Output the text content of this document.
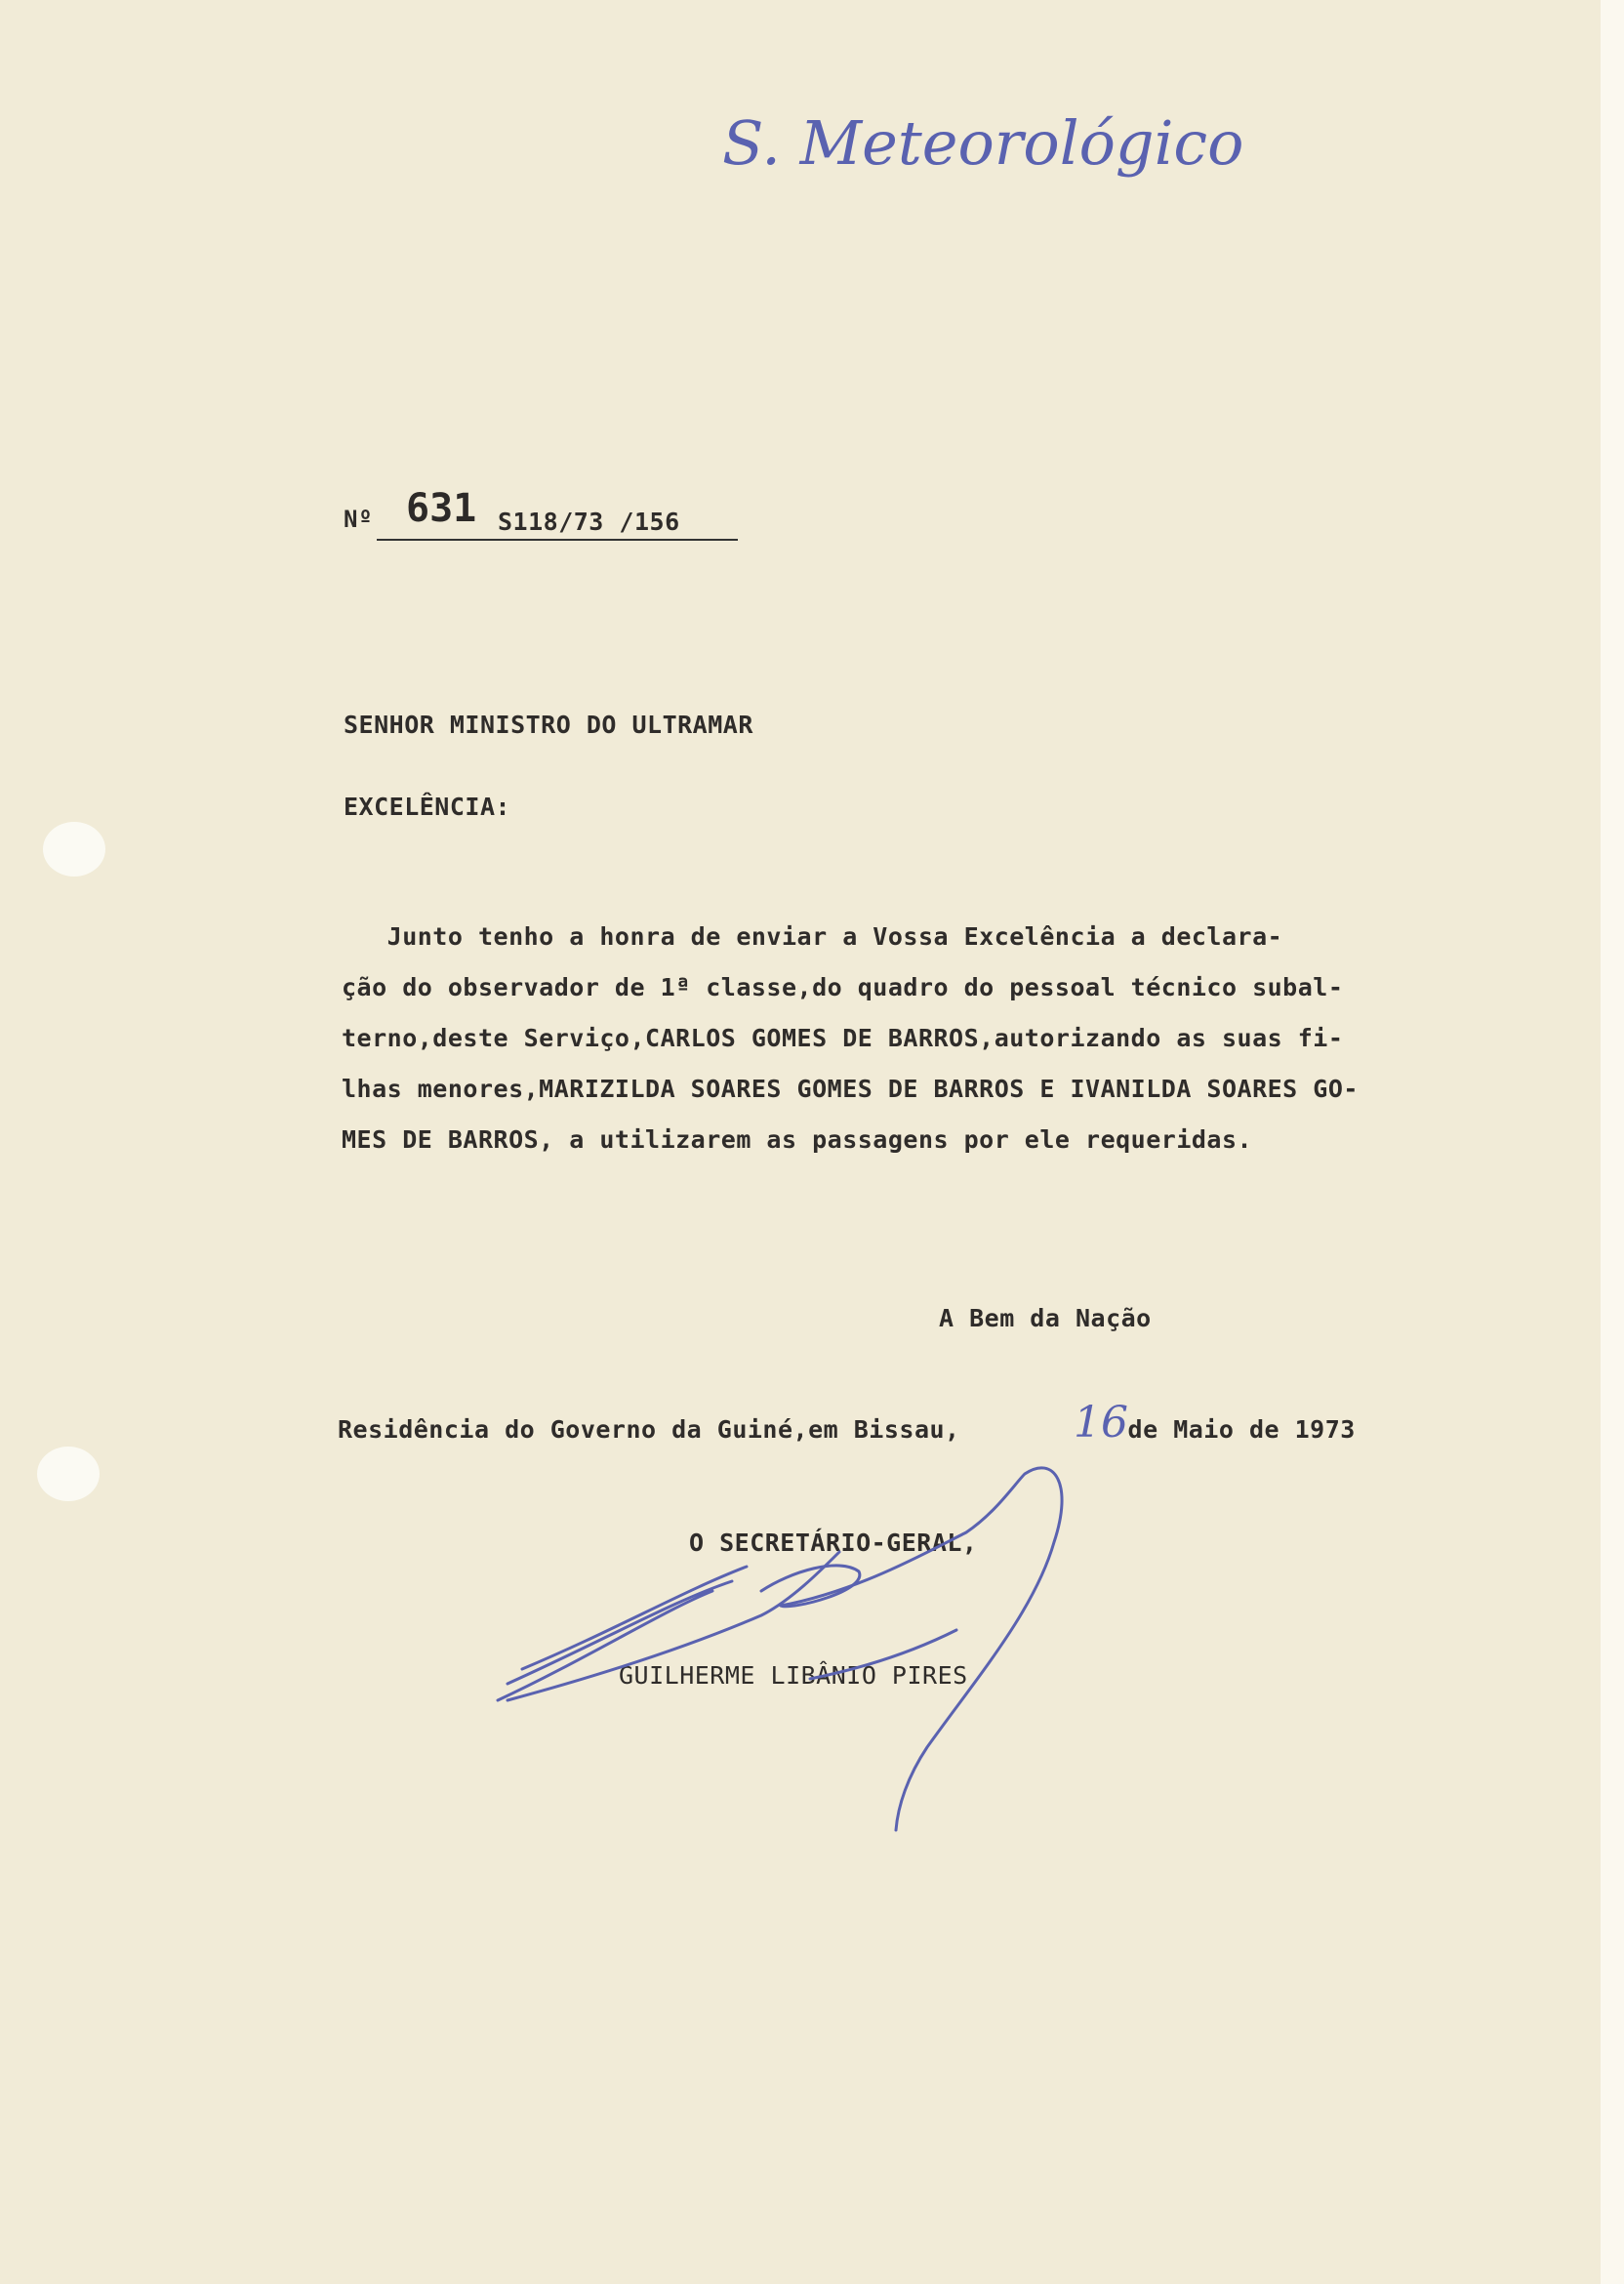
S. Meteorológico
Nº 631 S118/73 /156
SENHOR MINISTRO DO ULTRAMAR
EXCELÊNCIA:
Junto tenho a honra de enviar a Vossa Excelência a declara-
ção do observador de 1ª classe,do quadro do pessoal técnico subal-
terno,deste Serviço,CARLOS GOMES DE BARROS,autorizando as suas fi-
lhas menores,MARIZILDA SOARES GOMES DE BARROS E IVANILDA SOARES GO-
MES DE BARROS, a utilizarem as passagens por ele requeridas.
A Bem da Nação
Residência do Governo da Guiné,em Bissau,	16
de Maio de 1973
O SECRETÁRIO-GERAL,
GUILHERME LIBÂNIO PIRES
